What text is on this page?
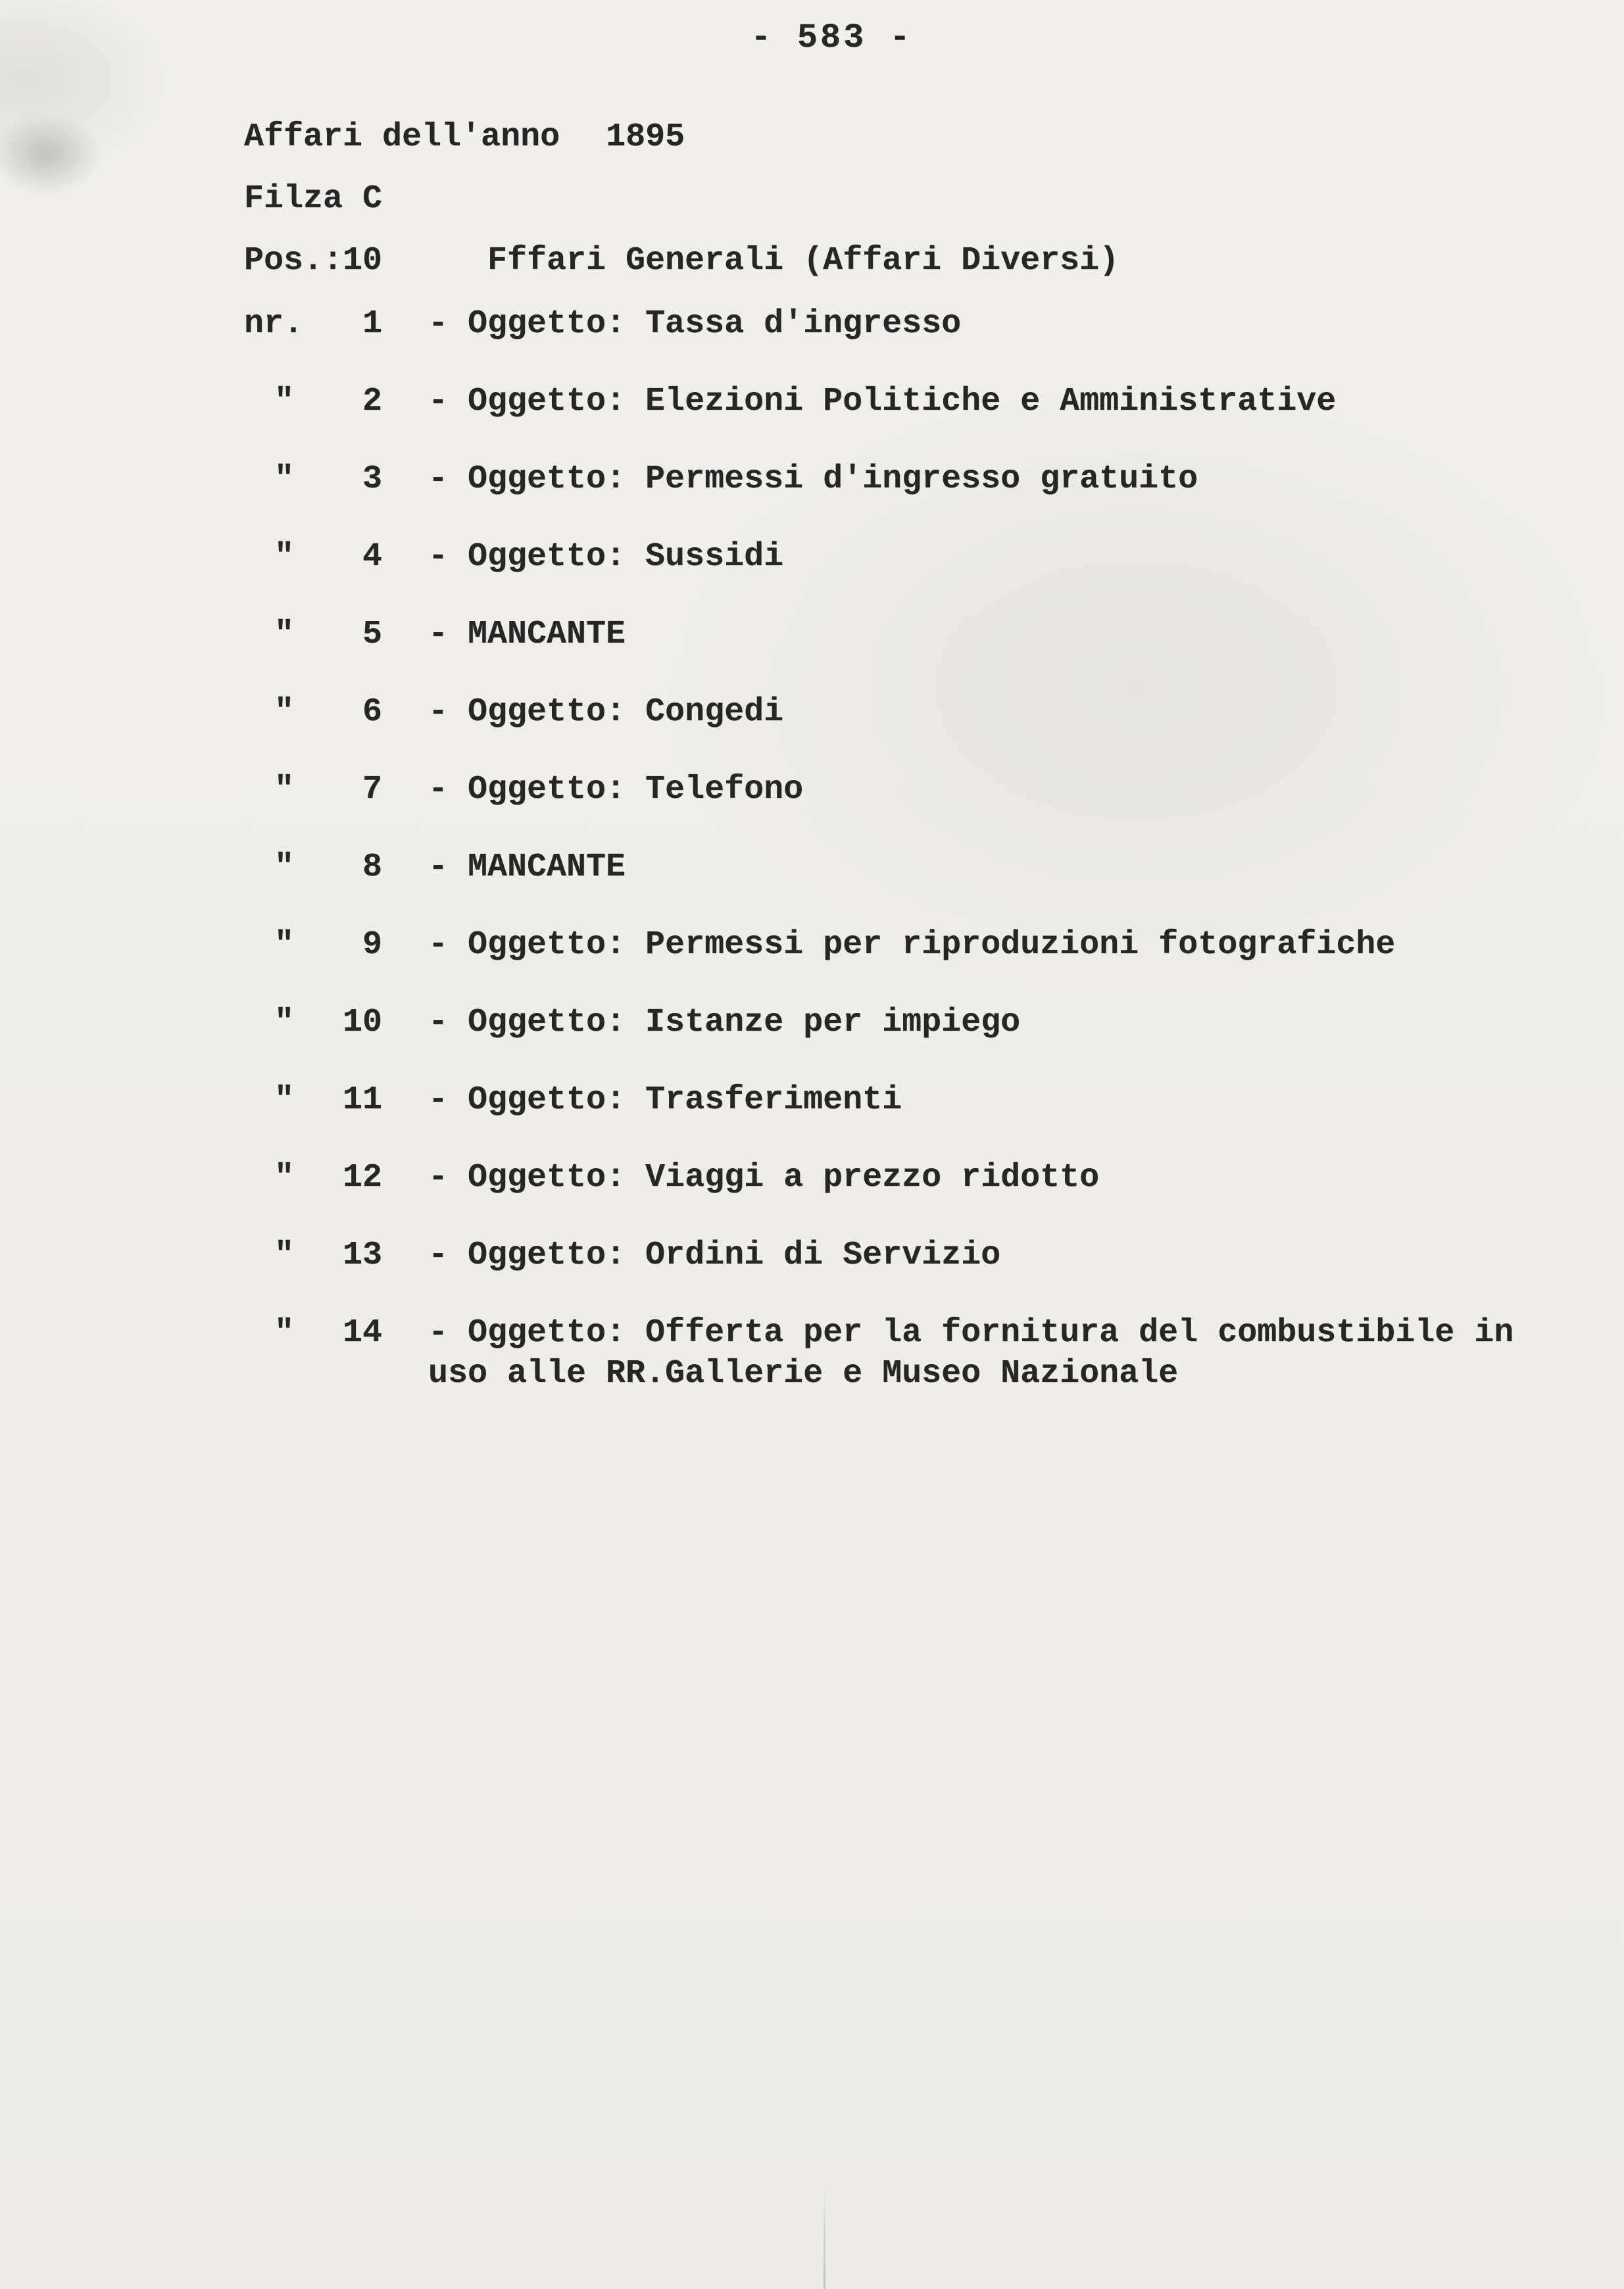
- 583 -
Affari dell'anno 1895
Filza C
Pos.:10	Fffari Generali (Affari Diversi)
nr.	1 - Oggetto: Tassa d'ingresso
"	2 - Oggetto: Elezioni Politiche e Amministrative
"	3 - Oggetto: Permessi d'ingresso gratuito
"	4 - Oggetto: Sussidi
"	5 - MANCANTE
"	6 - Oggetto: Congedi
"	7 - Oggetto: Telefono
"	8 - MANCANTE
"	9 - Oggetto: Permessi per riproduzioni fotografiche
"	10 - Oggetto: Istanze per impiego
"	11 - Oggetto: Trasferimenti
"	12 - Oggetto: Viaggi a prezzo ridotto
"	13 - Oggetto: Ordini di Servizio
"	14 - Oggetto: Offerta per la fornitura del combustibile in
uso alle RR.Gallerie e Museo Nazionale
